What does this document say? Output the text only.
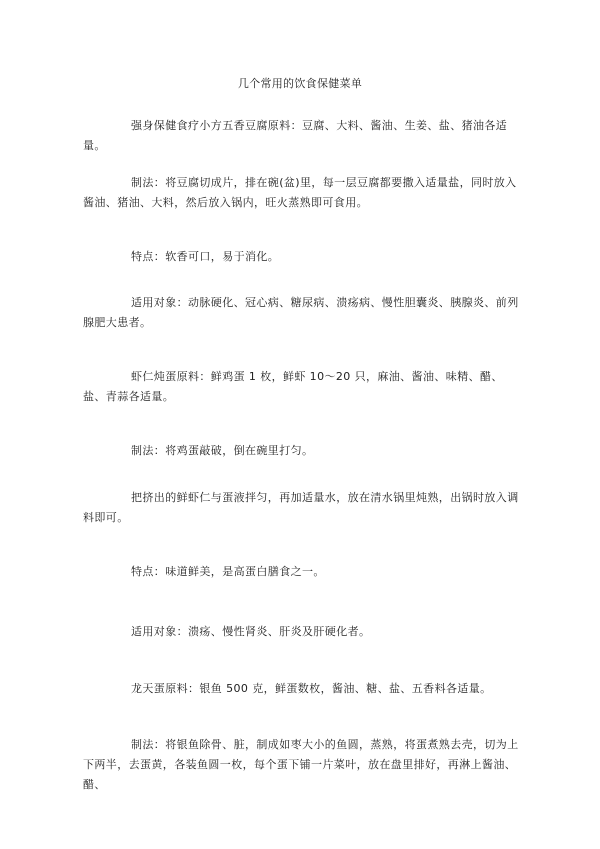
几个常用的饮食保健菜单

强身保健食疗小方五香豆腐原料：豆腐、大料、酱油、生姜、盐、猪油各适量。

制法：将豆腐切成片，排在碗(盆)里，每一层豆腐都要撒入适量盐，同时放入酱油、猪油、大料，然后放入锅内，旺火蒸熟即可食用。

特点：软香可口，易于消化。

适用对象：动脉硬化、冠心病、糖尿病、溃疡病、慢性胆囊炎、胰腺炎、前列腺肥大患者。

虾仁炖蛋原料：鲜鸡蛋 1 枚，鲜虾 10～20 只，麻油、酱油、味精、醋、盐、青蒜各适量。

制法：将鸡蛋敲破，倒在碗里打匀。

把挤出的鲜虾仁与蛋液拌匀，再加适量水，放在清水锅里炖熟，出锅时放入调料即可。

特点：味道鲜美，是高蛋白膳食之一。

适用对象：溃疡、慢性肾炎、肝炎及肝硬化者。

龙天蛋原料：银鱼 500 克，鲜蛋数枚，酱油、糖、盐、五香料各适量。

制法：将银鱼除骨、脏，制成如枣大小的鱼圆，蒸熟，将蛋煮熟去壳，切为上下两半，去蛋黄，各装鱼圆一枚，每个蛋下铺一片菜叶，放在盘里排好，再淋上酱油、醋、
